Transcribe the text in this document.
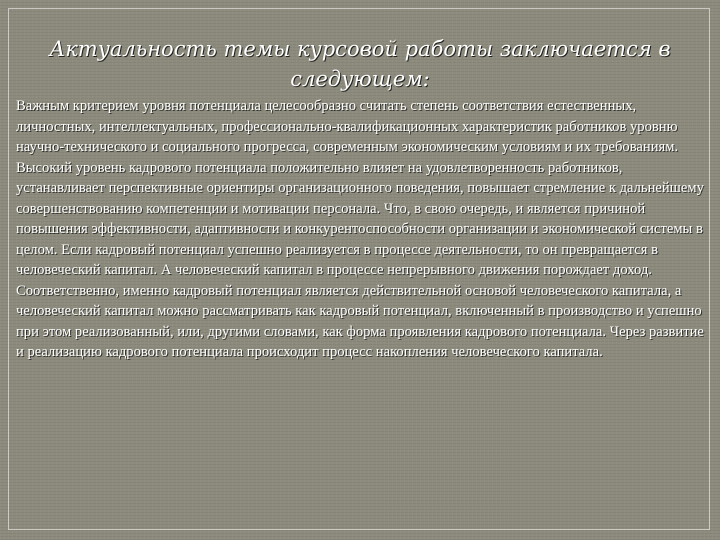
Актуальность темы курсовой работы заключается в следующем:

Важным критерием уровня потенциала целесообразно считать степень соответствия естественных, личностных, интеллектуальных, профессионально-квалификационных характеристик работников уровню научно-технического и социального прогресса, современным экономическим условиям и их требованиям. Высокий уровень кадрового потенциала положительно влияет на удовлетворенность работников, устанавливает перспективные ориентиры организационного поведения, повышает стремление к дальнейшему совершенствованию компетенции и мотивации персонала. Что, в свою очередь, и является причиной повышения эффективности, адаптивности и конкурентоспособности организации и экономической системы в целом. Если кадровый потенциал успешно реализуется в процессе деятельности, то он превращается в человеческий капитал. А человеческий капитал в процессе непрерывного движения порождает доход.

Соответственно, именно кадровый потенциал является действительной основой человеческого капитала, а человеческий капитал можно рассматривать как кадровый потенциал, включенный в производство и успешно при этом реализованный, или, другими словами, как форма проявления кадрового потенциала. Через развитие и реализацию кадрового потенциала происходит процесс накопления человеческого капитала.
